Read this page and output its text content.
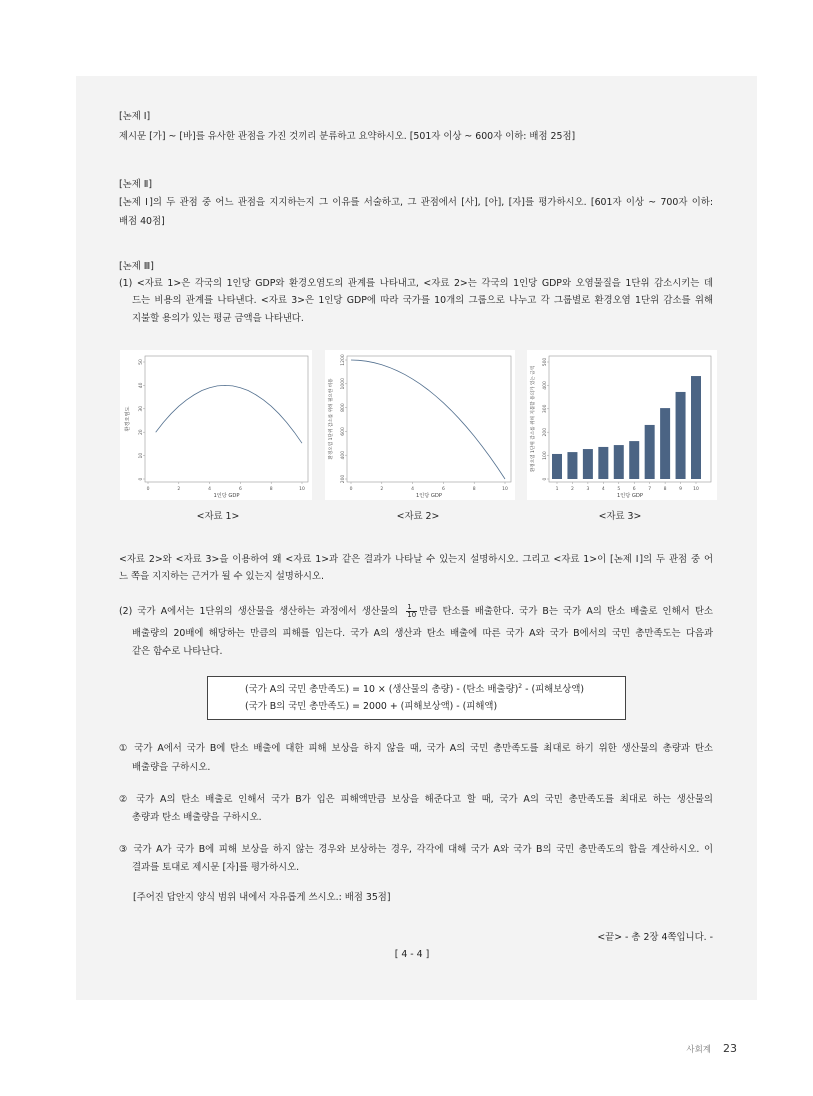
[논제 Ⅰ]
제시문 [가] ~ [바]를 유사한 관점을 가진 것끼리 분류하고 요약하시오. [501자 이상 ~ 600자 이하: 배점 25점]
[논제 Ⅱ]
[논제 Ⅰ]의 두 관점 중 어느 관점을 지지하는지 그 이유를 서술하고, 그 관점에서 [사], [아], [자]를 평가하시오. [601자 이상 ~ 700자 이하:
배점 40점]
[논제 Ⅲ]
(1) <자료 1>은 각국의 1인당 GDP와 환경오염도의 관계를 나타내고, <자료 2>는 각국의 1인당 GDP와 오염물질을 1단위 감소시키는 데
드는 비용의 관계를 나타낸다. <자료 3>은 1인당 GDP에 따라 국가를 10개의 그룹으로 나누고 각 그룹별로 환경오염 1단위 감소를 위해
지불할 용의가 있는 평균 금액을 나타낸다.
0
10
20
30
40
50
0	2	4	6	8	10
1인당 GDP
환경오염도
200
400
600
800
1000
1200
0	2	4	6	8	10
1인당 GDP
환경오염 1단위 감소를 위해 필요한 비용
0
100
200
300
400
500
1	2	3	4	5	6	7	8	9 10
1인당 GDP
환경오염 1단위 감소를 위해 지불할 용의가 있는 금액
<자료 1>	<자료 2>	<자료 3>
<자료 2>와 <자료 3>을 이용하여 왜 <자료 1>과 같은 결과가 나타날 수 있는지 설명하시오. 그리고 <자료 1>이 [논제 Ⅰ]의 두 관점 중 어
느 쪽을 지지하는 근거가 될 수 있는지 설명하시오.
(2) 국가 A에서는 1단위의 생산물을 생산하는 과정에서 생산물의 $\frac{1}{10}$ 만큼 탄소를 배출한다. 국가 B는 국가 A의 탄소 배출로 인해서 탄소
배출량의 20배에 해당하는 만큼의 피해를 입는다. 국가 A의 생산과 탄소 배출에 따른 국가 A와 국가 B에서의 국민 총만족도는 다음과
같은 함수로 나타난다.
(국가 A의 국민 총만족도) = 10 × (생산물의 총량) - (탄소 배출량)$^2$ - (피해보상액)
(국가 B의 국민 총만족도) = 2000 + (피해보상액) - (피해액)
① 국가 A에서 국가 B에 탄소 배출에 대한 피해 보상을 하지 않을 때, 국가 A의 국민 총만족도를 최대로 하기 위한 생산물의 총량과 탄소
배출량을 구하시오.
② 국가 A의 탄소 배출로 인해서 국가 B가 입은 피해액만큼 보상을 해준다고 할 때, 국가 A의 국민 총만족도를 최대로 하는 생산물의
총량과 탄소 배출량을 구하시오.
③ 국가 A가 국가 B에 피해 보상을 하지 않는 경우와 보상하는 경우, 각각에 대해 국가 A와 국가 B의 국민 총만족도의 합을 계산하시오. 이
결과를 토대로 제시문 [자]를 평가하시오.
[주어진 답안지 양식 범위 내에서 자유롭게 쓰시오.: 배점 35점]
<끝> - 총 2장 4쪽입니다. -
[ 4 - 4 ]
사회계 23
